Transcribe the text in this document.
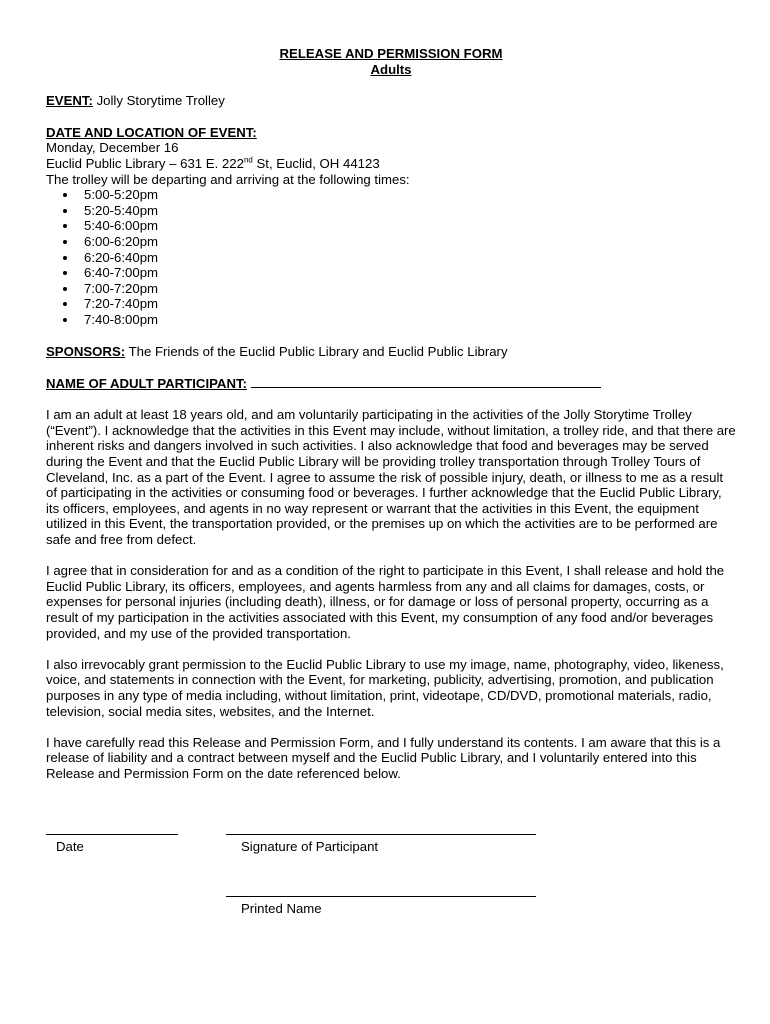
RELEASE AND PERMISSION FORM
Adults
EVENT: Jolly Storytime Trolley
DATE AND LOCATION OF EVENT:
Monday, December 16
Euclid Public Library – 631 E. 222nd St, Euclid, OH 44123
The trolley will be departing and arriving at the following times:
• 5:00-5:20pm
• 5:20-5:40pm
• 5:40-6:00pm
• 6:00-6:20pm
• 6:20-6:40pm
• 6:40-7:00pm
• 7:00-7:20pm
• 7:20-7:40pm
• 7:40-8:00pm
SPONSORS: The Friends of the Euclid Public Library and Euclid Public Library
NAME OF ADULT PARTICIPANT:

I am an adult at least 18 years old, and am voluntarily participating in the activities of the Jolly Storytime Trolley (“Event”). I acknowledge that the activities in this Event may include, without limitation, a trolley ride, and that there are inherent risks and dangers involved in such activities. I also acknowledge that food and beverages may be served during the Event and that the Euclid Public Library will be providing trolley transportation through Trolley Tours of Cleveland, Inc. as a part of the Event. I agree to assume the risk of possible injury, death, or illness to me as a result of participating in the activities or consuming food or beverages. I further acknowledge that the Euclid Public Library, its officers, employees, and agents in no way represent or warrant that the activities in this Event, the equipment utilized in this Event, the transportation provided, or the premises up on which the activities are to be performed are safe and free from defect.

I agree that in consideration for and as a condition of the right to participate in this Event, I shall release and hold the Euclid Public Library, its officers, employees, and agents harmless from any and all claims for damages, costs, or expenses for personal injuries (including death), illness, or for damage or loss of personal property, occurring as a result of my participation in the activities associated with this Event, my consumption of any food and/or beverages provided, and my use of the provided transportation.

I also irrevocably grant permission to the Euclid Public Library to use my image, name, photography, video, likeness, voice, and statements in connection with the Event, for marketing, publicity, advertising, promotion, and publication purposes in any type of media including, without limitation, print, videotape, CD/DVD, promotional materials, radio, television, social media sites, websites, and the Internet.

I have carefully read this Release and Permission Form, and I fully understand its contents. I am aware that this is a release of liability and a contract between myself and the Euclid Public Library, and I voluntarily entered into this Release and Permission Form on the date referenced below.

Date	Signature of Participant
Printed Name
